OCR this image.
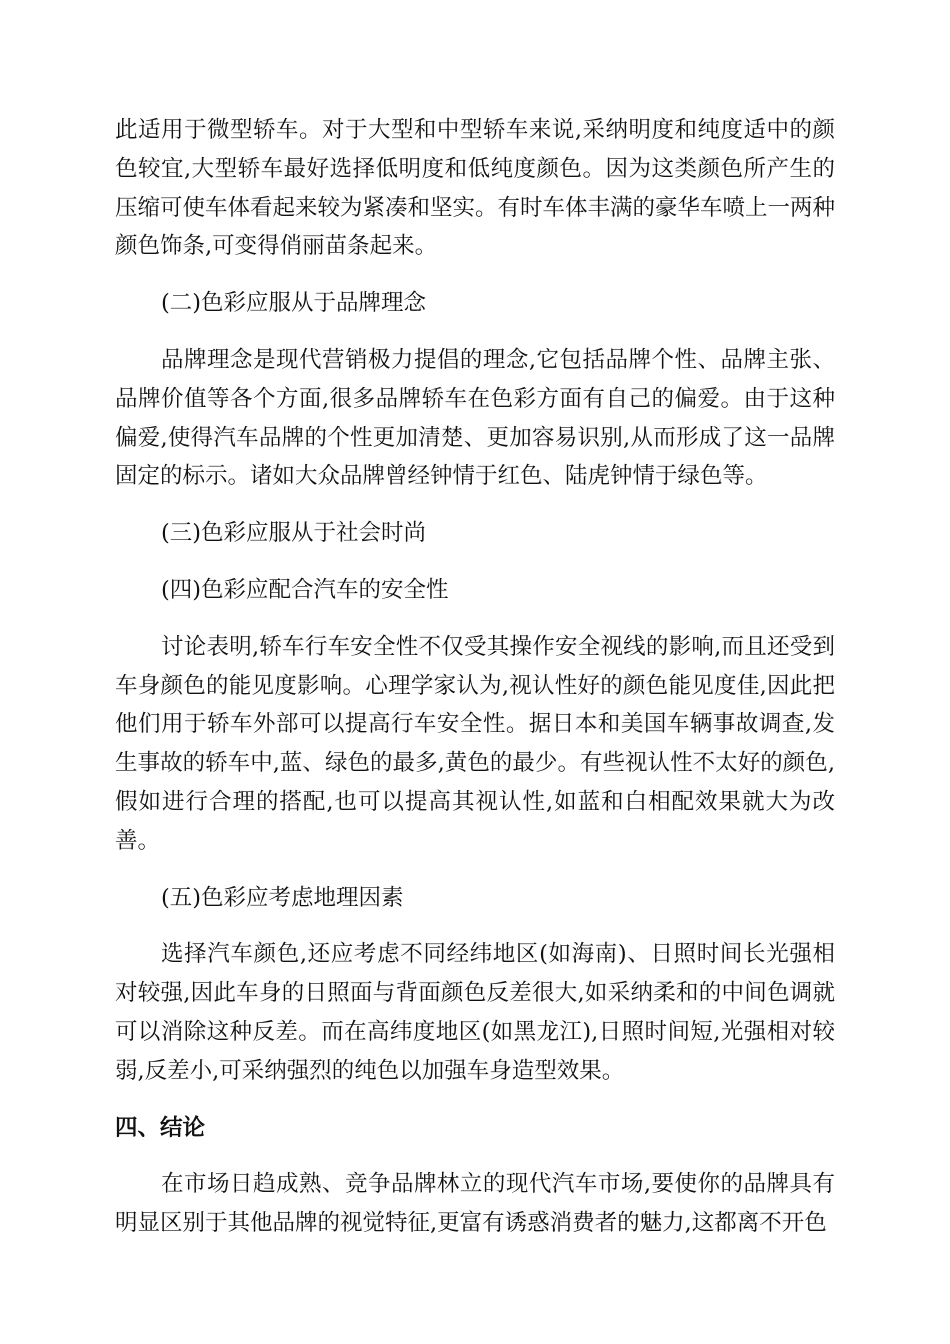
此适用于微型轿车。对于大型和中型轿车来说,采纳明度和纯度适中的颜色较宜,大型轿车最好选择低明度和低纯度颜色。因为这类颜色所产生的压缩可使车体看起来较为紧凑和坚实。有时车体丰满的豪华车喷上一两种颜色饰条,可变得俏丽苗条起来。

(二)色彩应服从于品牌理念

品牌理念是现代营销极力提倡的理念,它包括品牌个性、品牌主张、品牌价值等各个方面,很多品牌轿车在色彩方面有自己的偏爱。由于这种偏爱,使得汽车品牌的个性更加清楚、更加容易识别,从而形成了这一品牌固定的标示。诸如大众品牌曾经钟情于红色、陆虎钟情于绿色等。

(三)色彩应服从于社会时尚

(四)色彩应配合汽车的安全性

讨论表明,轿车行车安全性不仅受其操作安全视线的影响,而且还受到车身颜色的能见度影响。心理学家认为,视认性好的颜色能见度佳,因此把他们用于轿车外部可以提高行车安全性。据日本和美国车辆事故调查,发生事故的轿车中,蓝、绿色的最多,黄色的最少。有些视认性不太好的颜色,假如进行合理的搭配,也可以提高其视认性,如蓝和白相配效果就大为改善。

(五)色彩应考虑地理因素

选择汽车颜色,还应考虑不同经纬地区(如海南)、日照时间长光强相对较强,因此车身的日照面与背面颜色反差很大,如采纳柔和的中间色调就可以消除这种反差。而在高纬度地区(如黑龙江),日照时间短,光强相对较弱,反差小,可采纳强烈的纯色以加强车身造型效果。

四、结论

在市场日趋成熟、竞争品牌林立的现代汽车市场,要使你的品牌具有明显区别于其他品牌的视觉特征,更富有诱惑消费者的魅力,这都离不开色
